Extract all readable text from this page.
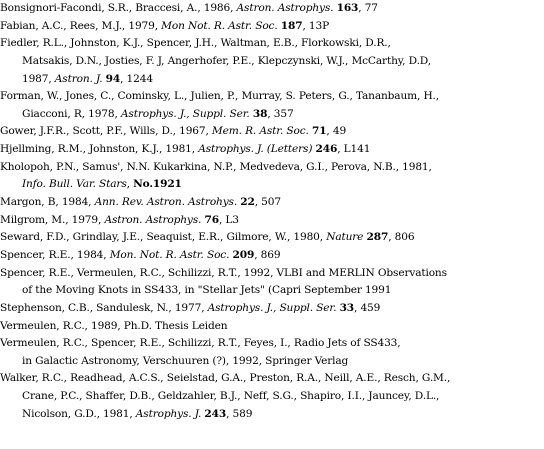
Bonsignori-Facondi, S.R., Braccesi, A., 1986, Astron. Astrophys. 163, 77
Fabian, A.C., Rees, M.J., 1979, Mon Not. R. Astr. Soc. 187, 13P
Fiedler, R.L., Johnston, K.J., Spencer, J.H., Waltman, E.B., Florkowski, D.R.,
Matsakis, D.N., Josties, F. J, Angerhofer, P.E., Klepczynski, W.J., McCarthy, D.D,
1987, Astron. J. 94, 1244
Forman, W., Jones, C., Cominsky, L., Julien, P., Murray, S. Peters, G., Tananbaum, H.,
Giacconi, R, 1978, Astrophys. J., Suppl. Ser. 38, 357
Gower, J.F.R., Scott, P.F., Wills, D., 1967, Mem. R. Astr. Soc. 71, 49
Hjellming, R.M., Johnston, K.J., 1981, Astrophys. J. (Letters) 246, L141
Kholopoh, P.N., Samus', N.N. Kukarkina, N.P., Medvedeva, G.I., Perova, N.B., 1981,
Info. Bull. Var. Stars, No.1921
Margon, B, 1984, Ann. Rev. Astron. Astrohys. 22, 507
Milgrom, M., 1979, Astron. Astrophys. 76, L3
Seward, F.D., Grindlay, J.E., Seaquist, E.R., Gilmore, W., 1980, Nature 287, 806
Spencer, R.E., 1984, Mon. Not. R. Astr. Soc. 209, 869
Spencer, R.E., Vermeulen, R.C., Schilizzi, R.T., 1992, VLBI and MERLIN Observations
of the Moving Knots in SS433, in "Stellar Jets" (Capri September 1991
Stephenson, C.B., Sandulesk, N., 1977, Astrophys. J., Suppl. Ser. 33, 459
Vermeulen, R.C., 1989, Ph.D. Thesis Leiden
Vermeulen, R.C., Spencer, R.E., Schilizzi, R.T., Feyes, I., Radio Jets of SS433,
in Galactic Astronomy, Verschuuren (?), 1992, Springer Verlag
Walker, R.C., Readhead, A.C.S., Seielstad, G.A., Preston, R.A., Neill, A.E., Resch, G.M.,
Crane, P.C., Shaffer, D.B., Geldzahler, B.J., Neff, S.G., Shapiro, I.I., Jauncey, D.L.,
Nicolson, G.D., 1981, Astrophys. J. 243, 589
